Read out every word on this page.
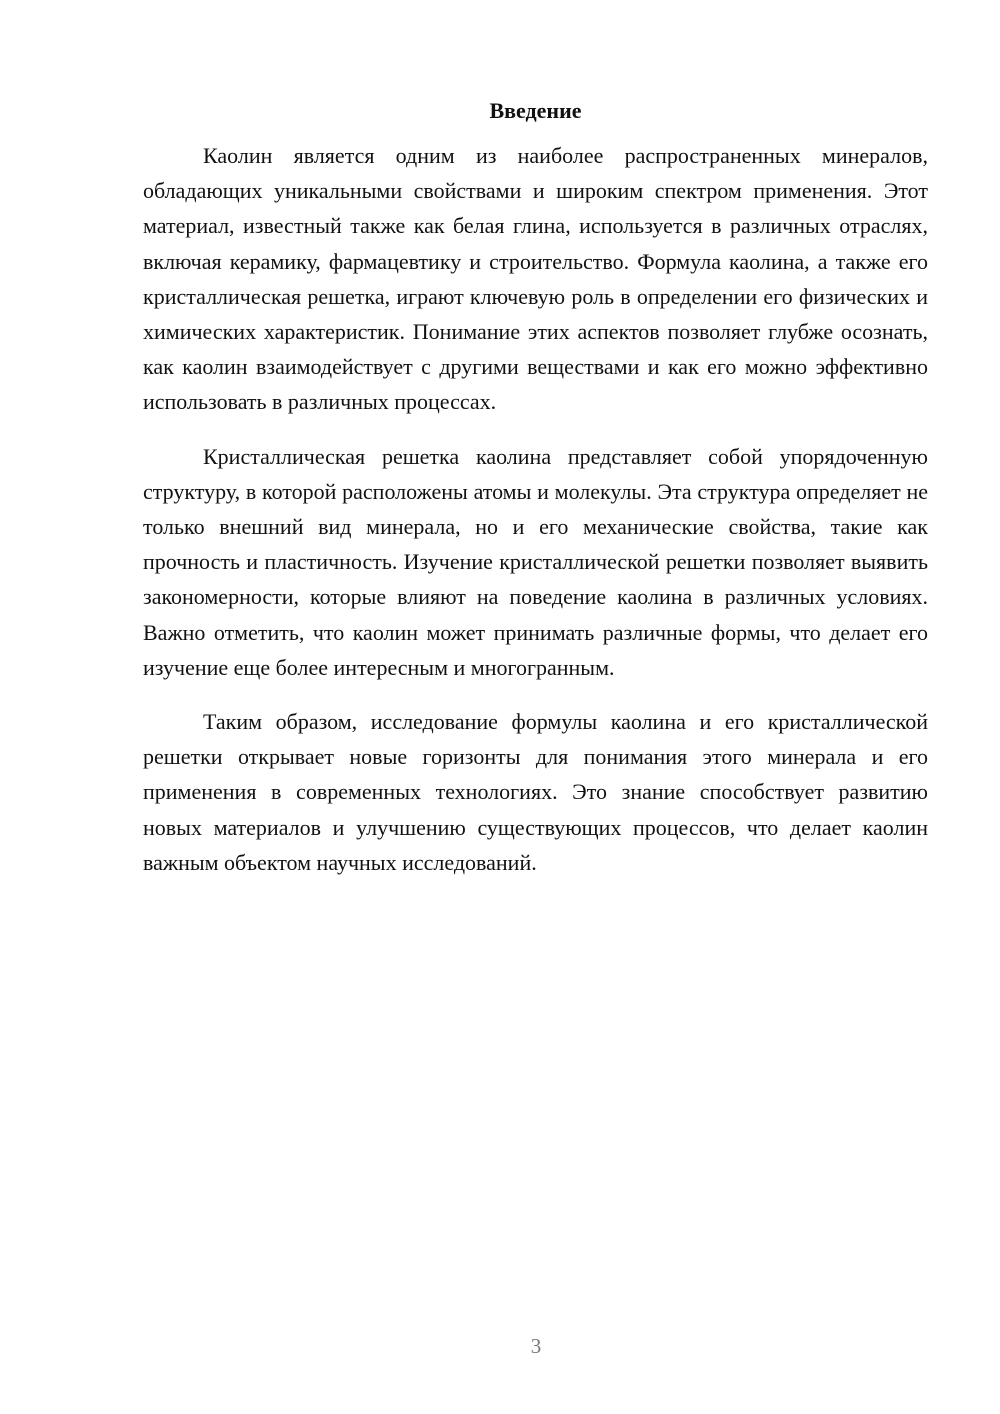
Введение

Каолин является одним из наиболее распространенных минералов, обладающих уникальными свойствами и широким спектром применения. Этот материал, известный также как белая глина, используется в различных отраслях, включая керамику, фармацевтику и строительство. Формула каолина, а также его кристаллическая решетка, играют ключевую роль в определении его физических и химических характеристик. Понимание этих аспектов позволяет глубже осознать, как каолин взаимодействует с другими веществами и как его можно эффективно использовать в различных процессах.

Кристаллическая решетка каолина представляет собой упорядоченную структуру, в которой расположены атомы и молекулы. Эта структура определяет не только внешний вид минерала, но и его механические свойства, такие как прочность и пластичность. Изучение кристаллической решетки позволяет выявить закономерности, которые влияют на поведение каолина в различных условиях. Важно отметить, что каолин может принимать различные формы, что делает его изучение еще более интересным и многогранным.

Таким образом, исследование формулы каолина и его кристаллической решетки открывает новые горизонты для понимания этого минерала и его применения в современных технологиях. Это знание способствует развитию новых материалов и улучшению существующих процессов, что делает каолин важным объектом научных исследований.

3
